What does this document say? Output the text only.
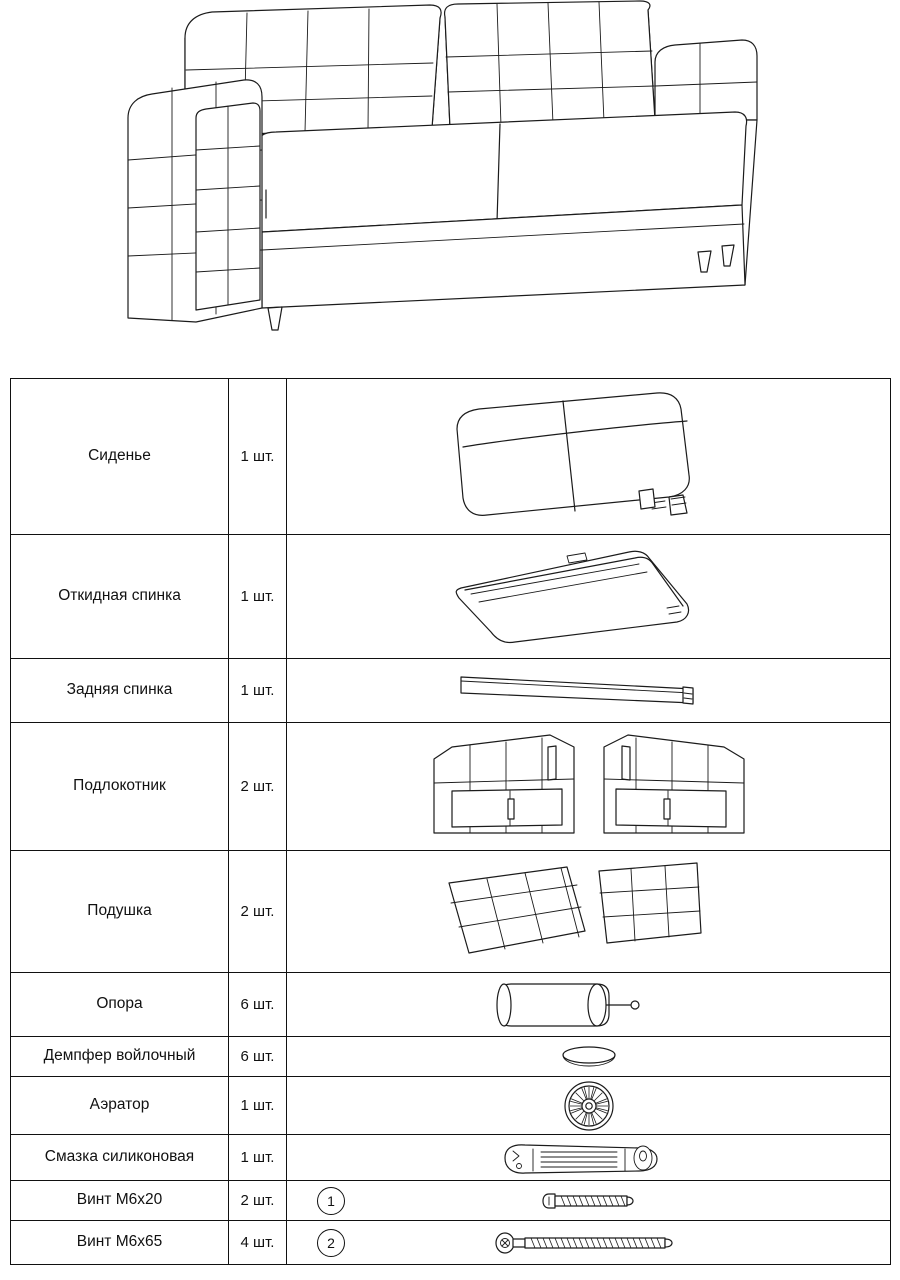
Сиденье	1 шт.	

Откидная спинка	1 шт.	

Задняя спинка	1 шт.	

Подлокотник	2 шт.	

Подушка	2 шт.	

Опора	6 шт.	

Демпфер войлочный	6 шт.	

Аэратор	1 шт.	

Смазка силиконовая	1 шт.	

Винт М6х20	2 шт.	1

Винт М6х65	4 шт.	2
